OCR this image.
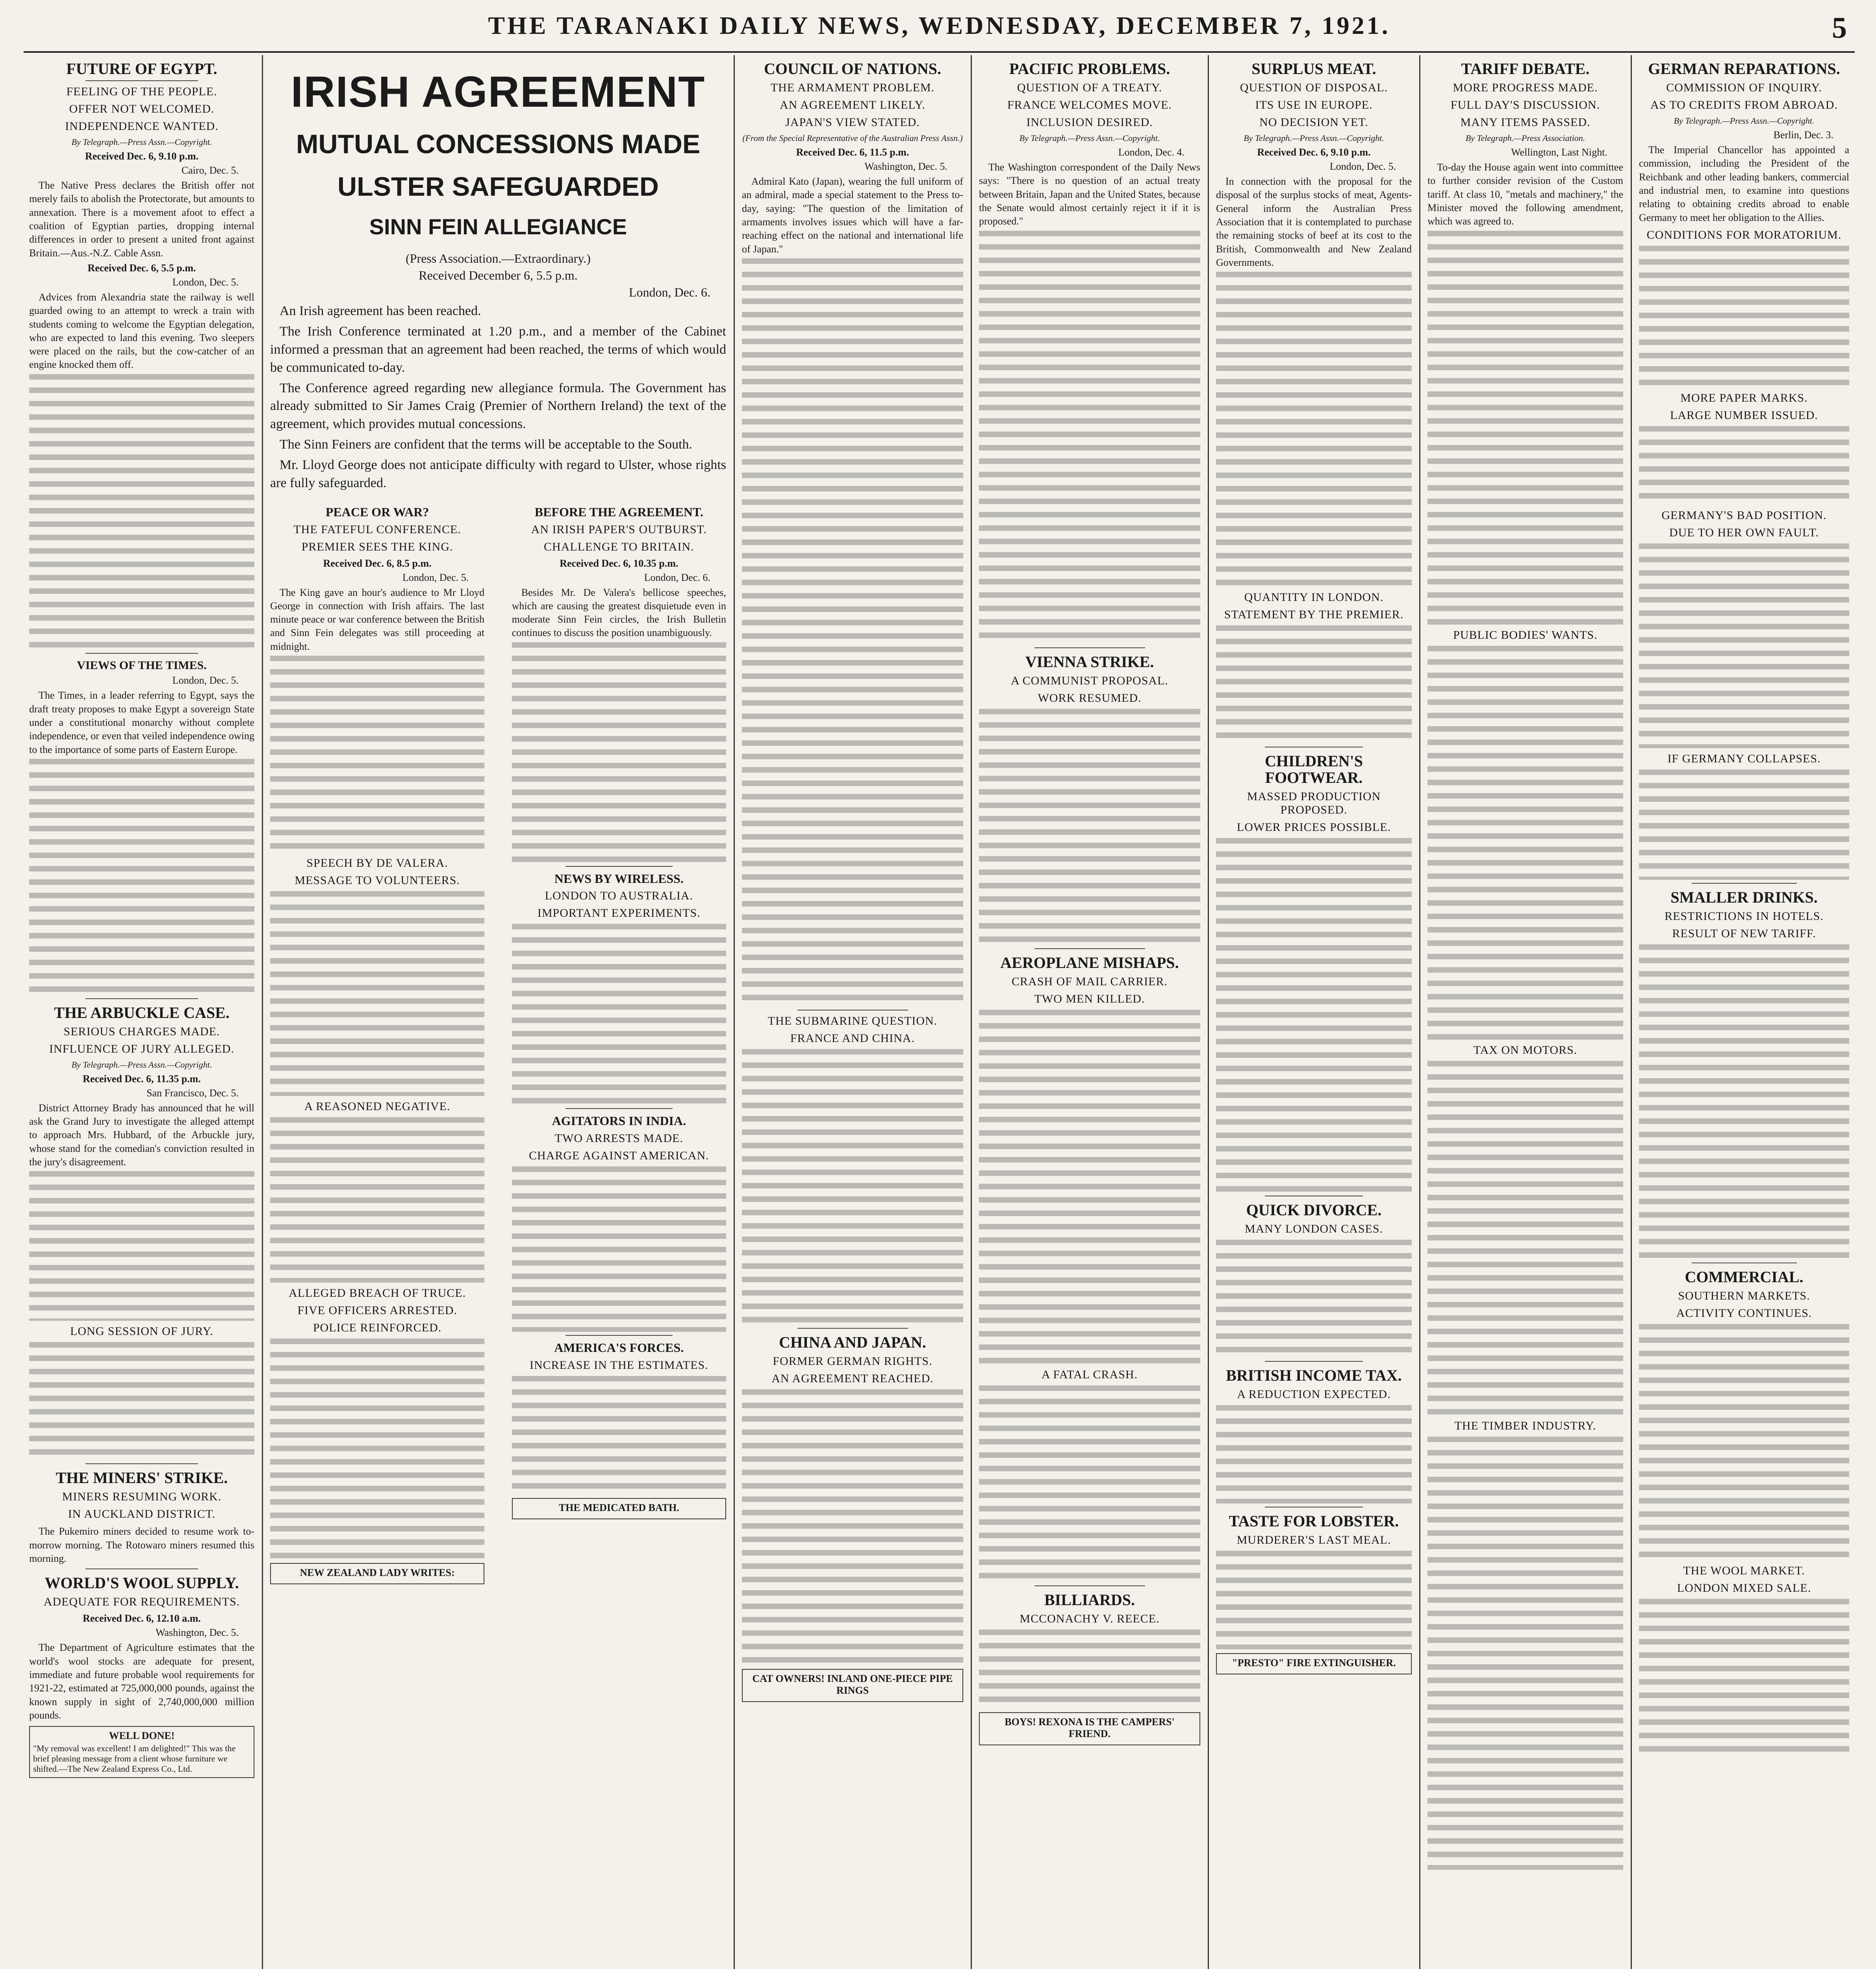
THE TARANAKI DAILY NEWS, WEDNESDAY, DECEMBER 7, 1921.	5
FUTURE OF EGYPT.
FEELING OF THE PEOPLE.
OFFER NOT WELCOMED.
INDEPENDENCE WANTED.
By Telegraph.—Press Assn.—Copyright.
Received Dec. 6, 9.10 p.m.
Cairo, Dec. 5.

The Native Press declares the British offer not merely fails to abolish the Protectorate, but amounts to annexation. There is a movement afoot to effect a coalition of Egyptian parties, dropping internal differences in order to present a united front against Britain.—Aus.-N.Z. Cable Assn.

Received Dec. 6, 5.5 p.m.
London, Dec. 5.

Advices from Alexandria state the railway is well guarded owing to an attempt to wreck a train with students coming to welcome the Egyptian delegation, who are expected to land this evening. Two sleepers were placed on the rails, but the cow-catcher of an engine knocked them off.

VIEWS OF THE TIMES.
London, Dec. 5.

The Times, in a leader referring to Egypt, says the draft treaty proposes to make Egypt a sovereign State under a constitutional monarchy without complete independence, or even that veiled independence owing to the importance of some parts of Eastern Europe.

THE ARBUCKLE CASE.
SERIOUS CHARGES MADE.
INFLUENCE OF JURY ALLEGED.
By Telegraph.—Press Assn.—Copyright.
Received Dec. 6, 11.35 p.m.
San Francisco, Dec. 5.

District Attorney Brady has announced that he will ask the Grand Jury to investigate the alleged attempt to approach Mrs. Hubbard, of the Arbuckle jury, whose stand for the comedian's conviction resulted in the jury's disagreement.

LONG SESSION OF JURY.
THE MINERS' STRIKE.
MINERS RESUMING WORK.
IN AUCKLAND DISTRICT.

The Pukemiro miners decided to resume work to-morrow morning. The Rotowaro miners resumed this morning.

WORLD'S WOOL SUPPLY.
ADEQUATE FOR REQUIREMENTS.
Received Dec. 6, 12.10 a.m.
Washington, Dec. 5.

The Department of Agriculture estimates that the world's wool stocks are adequate for present, immediate and future probable wool requirements for 1921-22, estimated at 725,000,000 pounds, against the known supply in sight of 2,740,000,000 million pounds.

WELL DONE!
"My removal was excellent! I am delighted!" This was the brief pleasing message from a client whose furniture we shifted.—The New Zealand Express Co., Ltd.
IRISH AGREEMENT
MUTUAL CONCESSIONS MADE
ULSTER SAFEGUARDED
SINN FEIN ALLEGIANCE
(Press Association.—Extraordinary.)
Received December 6, 5.5 p.m.
London, Dec. 6.

An Irish agreement has been reached.

The Irish Conference terminated at 1.20 p.m., and a member of the Cabinet informed a pressman that an agreement had been reached, the terms of which would be communicated to-day.

The Conference agreed regarding new allegiance formula. The Government has already submitted to Sir James Craig (Premier of Northern Ireland) the text of the agreement, which provides mutual concessions.

The Sinn Feiners are confident that the terms will be acceptable to the South.

Mr. Lloyd George does not anticipate difficulty with regard to Ulster, whose rights are fully safeguarded.

PEACE OR WAR?
THE FATEFUL CONFERENCE.
PREMIER SEES THE KING.
Received Dec. 6, 8.5 p.m.
London, Dec. 5.

The King gave an hour's audience to Mr Lloyd George in connection with Irish affairs. The last minute peace or war conference between the British and Sinn Fein delegates was still proceeding at midnight.

SPEECH BY DE VALERA.
MESSAGE TO VOLUNTEERS.
A REASONED NEGATIVE.
ALLEGED BREACH OF TRUCE.
FIVE OFFICERS ARRESTED.
POLICE REINFORCED.
NEW ZEALAND LADY WRITES:
BEFORE THE AGREEMENT.
AN IRISH PAPER'S OUTBURST.
CHALLENGE TO BRITAIN.
Received Dec. 6, 10.35 p.m.
London, Dec. 6.

Besides Mr. De Valera's bellicose speeches, which are causing the greatest disquietude even in moderate Sinn Fein circles, the Irish Bulletin continues to discuss the position unambiguously.

NEWS BY WIRELESS.
LONDON TO AUSTRALIA.
IMPORTANT EXPERIMENTS.
AGITATORS IN INDIA.
TWO ARRESTS MADE.
CHARGE AGAINST AMERICAN.
AMERICA'S FORCES.
INCREASE IN THE ESTIMATES.
THE MEDICATED BATH.
COUNCIL OF NATIONS.
THE ARMAMENT PROBLEM.
AN AGREEMENT LIKELY.
JAPAN'S VIEW STATED.
(From the Special Representative of the Australian Press Assn.)
Received Dec. 6, 11.5 p.m.
Washington, Dec. 5.

Admiral Kato (Japan), wearing the full uniform of an admiral, made a special statement to the Press to-day, saying: "The question of the limitation of armaments involves issues which will have a far-reaching effect on the national and international life of Japan."

THE SUBMARINE QUESTION.
FRANCE AND CHINA.
CHINA AND JAPAN.
FORMER GERMAN RIGHTS.
AN AGREEMENT REACHED.
CAT OWNERS! INLAND ONE-PIECE PIPE RINGS
PACIFIC PROBLEMS.
QUESTION OF A TREATY.
FRANCE WELCOMES MOVE.
INCLUSION DESIRED.
By Telegraph.—Press Assn.—Copyright.
London, Dec. 4.

The Washington correspondent of the Daily News says: "There is no question of an actual treaty between Britain, Japan and the United States, because the Senate would almost certainly reject it if it is proposed."

VIENNA STRIKE.
A COMMUNIST PROPOSAL.
WORK RESUMED.
AEROPLANE MISHAPS.
CRASH OF MAIL CARRIER.
TWO MEN KILLED.
A FATAL CRASH.
BILLIARDS.
MCCONACHY V. REECE.
BOYS! REXONA IS THE CAMPERS' FRIEND.
SURPLUS MEAT.
QUESTION OF DISPOSAL.
ITS USE IN EUROPE.
NO DECISION YET.
By Telegraph.—Press Assn.—Copyright.
Received Dec. 6, 9.10 p.m.
London, Dec. 5.

In connection with the proposal for the disposal of the surplus stocks of meat, Agents-General inform the Australian Press Association that it is contemplated to purchase the remaining stocks of beef at its cost to the British, Commonwealth and New Zealand Governments.

QUANTITY IN LONDON.
STATEMENT BY THE PREMIER.
CHILDREN'S FOOTWEAR.
MASSED PRODUCTION PROPOSED.
LOWER PRICES POSSIBLE.
QUICK DIVORCE.
MANY LONDON CASES.
BRITISH INCOME TAX.
A REDUCTION EXPECTED.
TASTE FOR LOBSTER.
MURDERER'S LAST MEAL.
"PRESTO" FIRE EXTINGUISHER.
TARIFF DEBATE.
MORE PROGRESS MADE.
FULL DAY'S DISCUSSION.
MANY ITEMS PASSED.
By Telegraph.—Press Association.
Wellington, Last Night.

To-day the House again went into committee to further consider revision of the Custom tariff. At class 10, "metals and machinery," the Minister moved the following amendment, which was agreed to.

PUBLIC BODIES' WANTS.
TAX ON MOTORS.
THE TIMBER INDUSTRY.
GERMAN REPARATIONS.
COMMISSION OF INQUIRY.
AS TO CREDITS FROM ABROAD.
By Telegraph.—Press Assn.—Copyright.
Berlin, Dec. 3.

The Imperial Chancellor has appointed a commission, including the President of the Reichbank and other leading bankers, commercial and industrial men, to examine into questions relating to obtaining credits abroad to enable Germany to meet her obligation to the Allies.

CONDITIONS FOR MORATORIUM.
MORE PAPER MARKS.
LARGE NUMBER ISSUED.
GERMANY'S BAD POSITION.
DUE TO HER OWN FAULT.
IF GERMANY COLLAPSES.
SMALLER DRINKS.
RESTRICTIONS IN HOTELS.
RESULT OF NEW TARIFF.
COMMERCIAL.
SOUTHERN MARKETS.
ACTIVITY CONTINUES.
THE WOOL MARKET.
LONDON MIXED SALE.
